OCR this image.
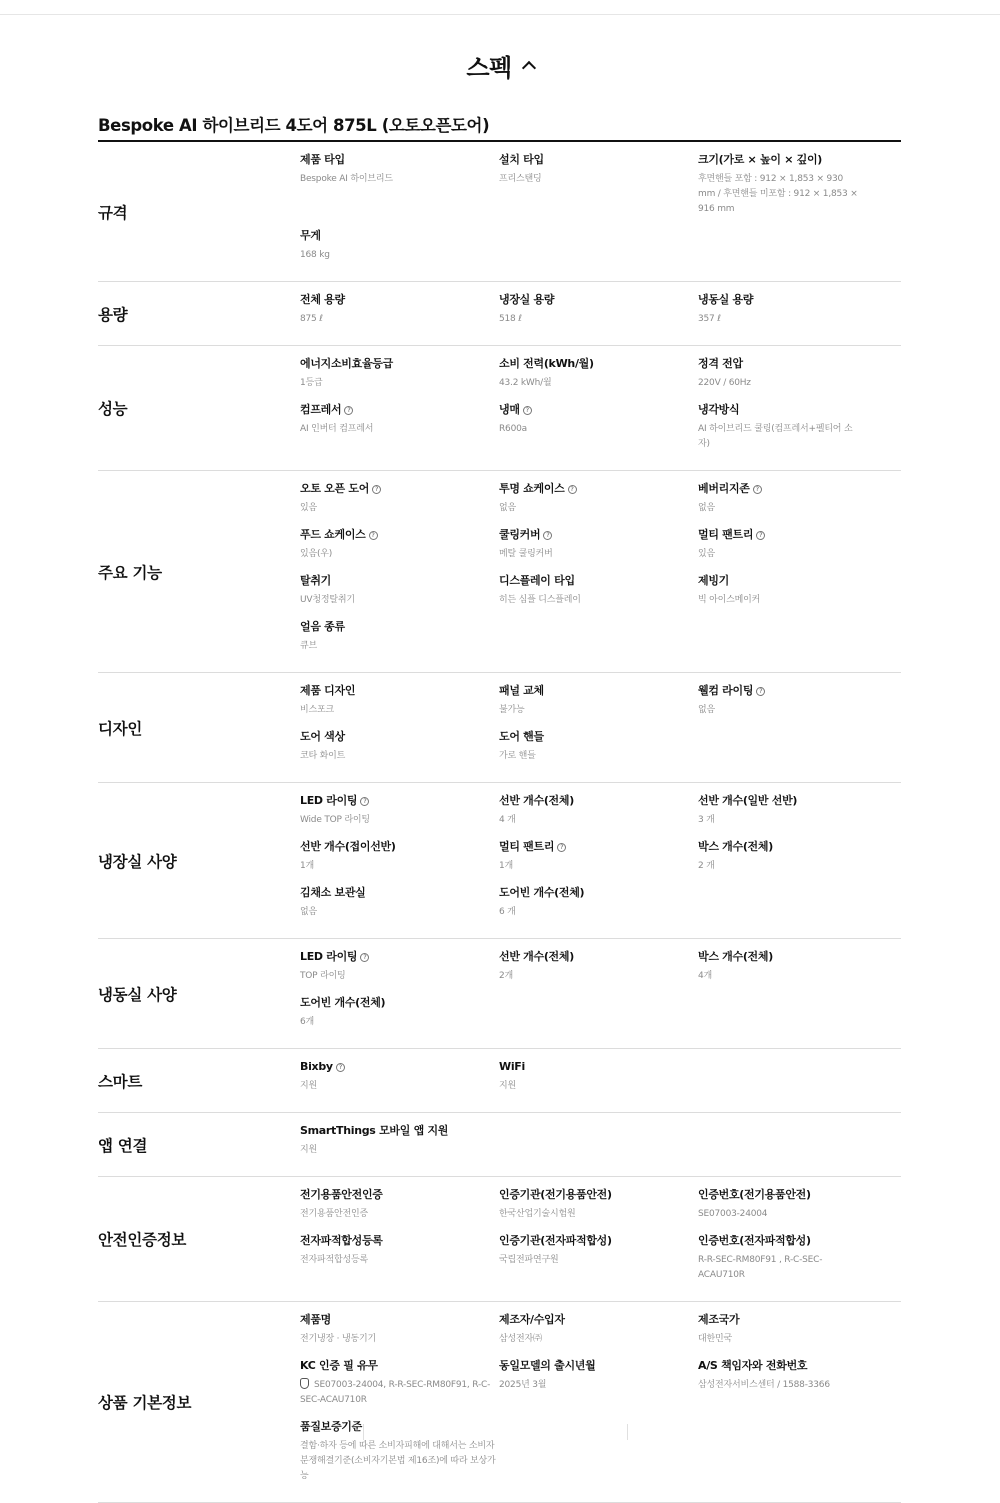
스펙
Bespoke AI 하이브리드 4도어 875L (오토오픈도어)
규격
제품 타입
Bespoke AI 하이브리드
설치 타입
프리스탠딩
크기(가로 × 높이 × 깊이)
후면핸들 포함 : 912 × 1,853 × 930 mm / 후면핸들 미포함 : 912 × 1,853 × 916 mm
무게
168 kg
용량
전체 용량
875 ℓ
냉장실 용량
518 ℓ
냉동실 용량
357 ℓ
성능
에너지소비효율등급
1등급
소비 전력(kWh/월)
43.2 kWh/월
정격 전압
220V / 60Hz
컴프레서 ?
AI 인버터 컴프레서
냉매 ?
R600a
냉각방식
AI 하이브리드 쿨링(컴프레서+펠티어 소자)
주요 기능
오토 오픈 도어 ?
있음
투명 쇼케이스 ?
없음
베버리지존 ?
없음
푸드 쇼케이스 ?
있음(우)
쿨링커버 ?
메탈 쿨링커버
멀티 팬트리 ?
있음
탈취기
UV청정탈취기
디스플레이 타입
히든 심플 디스플레이
제빙기
빅 아이스메이커
얼음 종류
큐브
디자인
제품 디자인
비스포크
패널 교체
불가능
웰컴 라이팅 ?
없음
도어 색상
코타 화이트
도어 핸들
가로 핸들
냉장실 사양
LED 라이팅 ?
Wide TOP 라이팅
선반 개수(전체)
4 개
선반 개수(일반 선반)
3 개
선반 개수(접이선반)
1개
멀티 팬트리 ?
1개
박스 개수(전체)
2 개
김채소 보관실
없음
도어빈 개수(전체)
6 개
냉동실 사양
LED 라이팅 ?
TOP 라이팅
선반 개수(전체)
2개
박스 개수(전체)
4개
도어빈 개수(전체)
6개
스마트
Bixby ?
지원
WiFi
지원
앱 연결
SmartThings 모바일 앱 지원
지원
안전인증정보
전기용품안전인증
전기용품안전인증
인증기관(전기용품안전)
한국산업기술시험원
인증번호(전기용품안전)
SE07003-24004
전자파적합성등록
전자파적합성등록
인증기관(전자파적합성)
국립전파연구원
인증번호(전자파적합성)
R-R-SEC-RM80F91 , R-C-SEC-ACAU710R
상품 기본정보
제품명
전기냉장 · 냉동기기
제조자/수입자
삼성전자㈜
제조국가
대한민국
KC 인증 필 유무
SE07003-24004, R-R-SEC-RM80F91, R-C-SEC-ACAU710R
동일모델의 출시년월
2025년 3월
A/S 책임자와 전화번호
삼성전자서비스센터 / 1588-3366
품질보증기준
결함·하자 등에 따른 소비자피해에 대해서는 소비자분쟁해결기준(소비자기본법 제16조)에 따라 보상가능
